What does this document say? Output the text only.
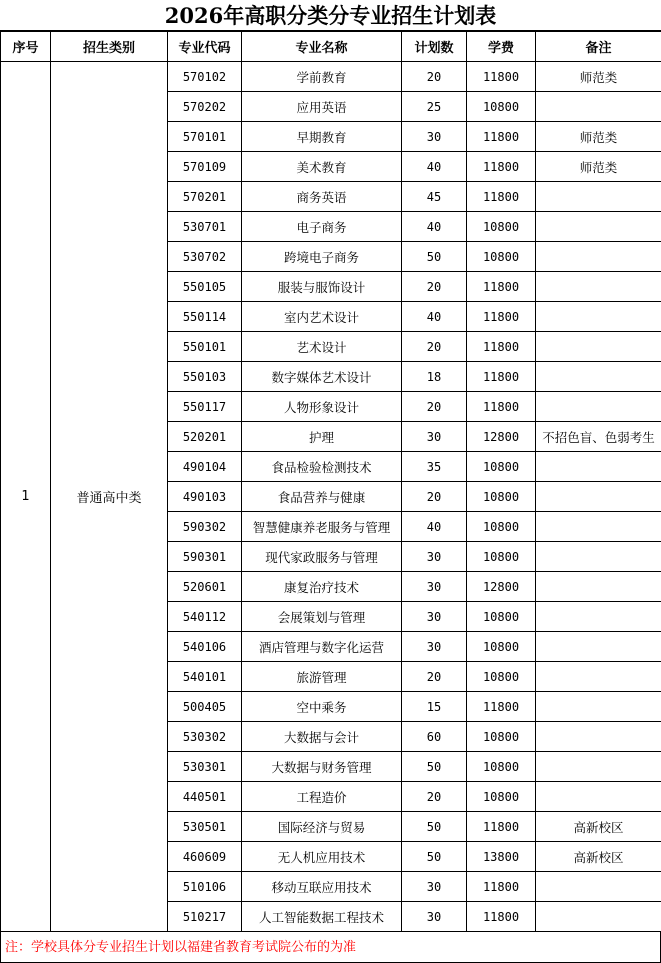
2026年高职分类分专业招生计划表
序号	招生类别	专业代码	专业名称	计划数	学费	备注
1	普通高中类	570102	学前教育	20	11800	师范类
		570202	应用英语	25	10800	
		570101	早期教育	30	11800	师范类
		570109	美术教育	40	11800	师范类
		570201	商务英语	45	11800	
		530701	电子商务	40	10800	
		530702	跨境电子商务	50	10800	
		550105	服装与服饰设计	20	11800	
		550114	室内艺术设计	40	11800	
		550101	艺术设计	20	11800	
		550103	数字媒体艺术设计	18	11800	
		550117	人物形象设计	20	11800	
		520201	护理	30	12800	不招色盲、色弱考生
		490104	食品检验检测技术	35	10800	
		490103	食品营养与健康	20	10800	
		590302	智慧健康养老服务与管理	40	10800	
		590301	现代家政服务与管理	30	10800	
		520601	康复治疗技术	30	12800	
		540112	会展策划与管理	30	10800	
		540106	酒店管理与数字化运营	30	10800	
		540101	旅游管理	20	10800	
		500405	空中乘务	15	11800	
		530302	大数据与会计	60	10800	
		530301	大数据与财务管理	50	10800	
		440501	工程造价	20	10800	
		530501	国际经济与贸易	50	11800	高新校区
		460609	无人机应用技术	50	13800	高新校区
		510106	移动互联应用技术	30	11800	
		510217	人工智能数据工程技术	30	11800	
注：学校具体分专业招生计划以福建省教育考试院公布的为准
